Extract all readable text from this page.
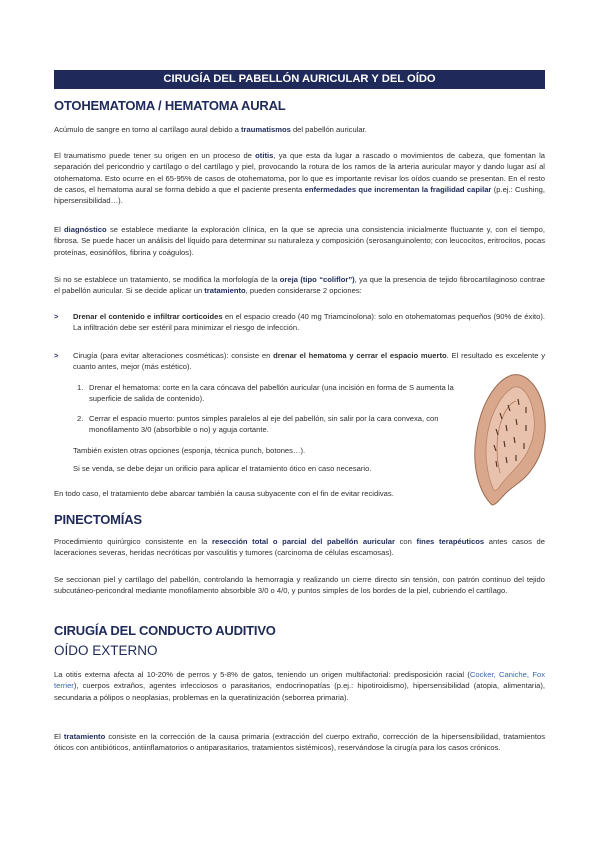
CIRUGÍA DEL PABELLÓN AURICULAR Y DEL OÍDO
OTOHEMATOMA / HEMATOMA AURAL

Acúmulo de sangre en torno al cartílago aural debido a traumatismos del pabellón auricular.

El traumatismo puede tener su origen en un proceso de otitis, ya que esta da lugar a rascado o movimientos de cabeza, que fomentan la separación del pericondrio y cartílago o del cartílago y piel, provocando la rotura de los ramos de la arteria auricular mayor y dando lugar así al otohematoma. Esto ocurre en el 65-95% de casos de otohematoma, por lo que es importante revisar los oídos cuando se presentan. En el resto de casos, el hematoma aural se forma debido a que el paciente presenta enfermedades que incrementan la fragilidad capilar (p.ej.: Cushing, hipersensibilidad…).

El diagnóstico se establece mediante la exploración clínica, en la que se aprecia una consistencia inicialmente fluctuante y, con el tiempo, fibrosa. Se puede hacer un análisis del líquido para determinar su naturaleza y composición (serosanguinolento; con leucocitos, eritrocitos, pocas proteínas, eosinófilos, fibrina y coágulos).

Si no se establece un tratamiento, se modifica la morfología de la oreja (tipo “coliflor”), ya que la presencia de tejido fibrocartilaginoso contrae el pabellón auricular. Si se decide aplicar un tratamiento, pueden considerarse 2 opciones:

> Drenar el contenido e infiltrar corticoides en el espacio creado (40 mg Triamcinolona): solo en otohematomas pequeños (90% de éxito). La infiltración debe ser estéril para minimizar el riesgo de infección.

> Cirugía (para evitar alteraciones cosméticas): consiste en drenar el hematoma y cerrar el espacio muerto. El resultado es excelente y cuanto antes, mejor (más estético).

1. Drenar el hematoma: corte en la cara cóncava del pabellón auricular (una incisión en forma de S aumenta la superficie de salida de contenido).

2. Cerrar el espacio muerto: puntos simples paralelos al eje del pabellón, sin salir por la cara convexa, con monofilamento 3/0 (absorbible o no) y aguja cortante.

También existen otras opciones (esponja, técnica punch, botones…).

Si se venda, se debe dejar un orificio para aplicar el tratamiento ótico en caso necesario.

En todo caso, el tratamiento debe abarcar también la causa subyacente con el fin de evitar recidivas.

PINECTOMÍAS

Procedimiento quirúrgico consistente en la resección total o parcial del pabellón auricular con fines terapéuticos antes casos de laceraciones severas, heridas necróticas por vasculitis y tumores (carcinoma de células escamosas).

Se seccionan piel y cartílago del pabellón, controlando la hemorragia y realizando un cierre directo sin tensión, con patrón continuo del tejido subcutáneo-pericondral mediante monofilamento absorbible 3/0 o 4/0, y puntos simples de los bordes de la piel, cubriendo el cartílago.

CIRUGÍA DEL CONDUCTO AUDITIVO
OÍDO EXTERNO

La otitis externa afecta al 10-20% de perros y 5-8% de gatos, teniendo un origen multifactorial: predisposición racial (Cocker, Caniche, Fox terrier), cuerpos extraños, agentes infecciosos o parasitarios, endocrinopatías (p.ej.: hipotiroidismo), hipersensibilidad (atopia, alimentaria), secundaria a pólipos o neoplasias, problemas en la queratinización (seborrea primaria).

El tratamiento consiste en la corrección de la causa primaria (extracción del cuerpo extraño, corrección de la hipersensibilidad, tratamientos óticos con antibióticos, antiinflamatorios o antiparasitarios, tratamientos sistémicos), reservándose la cirugía para los casos crónicos.
